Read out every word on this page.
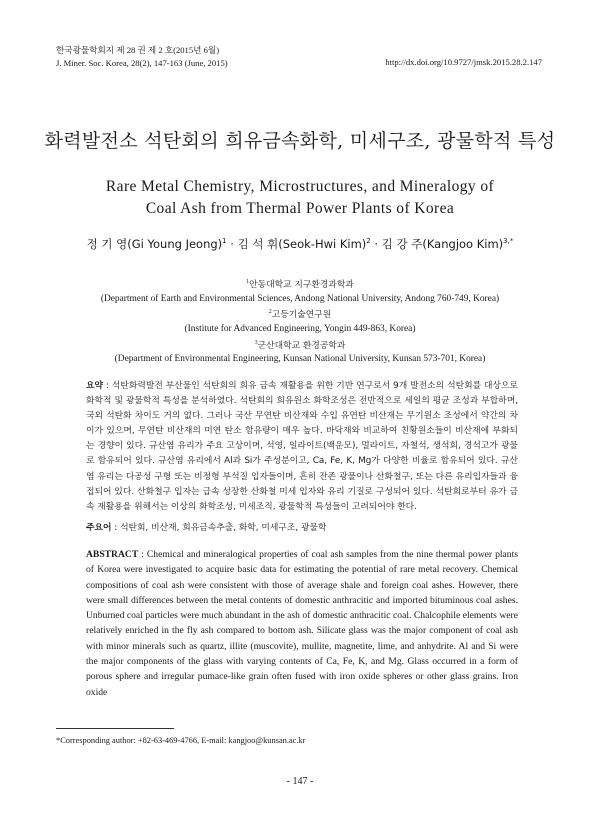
한국광물학회지 제 28 권 제 2 호(2015년 6월)
J. Miner. Soc. Korea, 28(2), 147-163 (June, 2015)	http://dx.doi.org/10.9727/jmsk.2015.28.2.147
화력발전소 석탄회의 희유금속화학, 미세구조, 광물학적 특성
Rare Metal Chemistry, Microstructures, and Mineralogy of
Coal Ash from Thermal Power Plants of Korea
정 기 영(Gi Young Jeong)$^1$ · 김 석 휘(Seok-Hwi Kim)$^2$ · 김 강 주(Kangjoo Kim)$^{3,*}$
$^1$안동대학교 지구환경과학과
(Department of Earth and Environmental Sciences, Andong National University, Andong 760-749, Korea)
$^2$고등기술연구원
(Institute for Advanced Engineering, Yongin 449-863, Korea)
$^3$군산대학교 환경공학과
(Department of Environmental Engineering, Kunsan National University, Kunsan 573-701, Korea)
요약 : 석탄화력발전 부산물인 석탄회의 희유 금속 재활용을 위한 기반 연구로서 9개 발전소의 석탄회를 대상으로 화학적 및 광물학적 특성을 분석하였다. 석탄회의 희유원소 화학조성은 전반적으로 세일의 평균 조성과 부합하며, 국외 석탄화 차이도 거의 없다. 그러나 국산 무연탄 비산재와 수입 유연탄 비산재는 무기원소 조성에서 약간의 차이가 있으며, 무연탄 비산재의 미연 탄소 함유량이 매우 높다. 바닥재와 비교하여 친황원소들이 비산재에 부화되는 경향이 있다. 규산염 유리가 주요 고상이며, 석영, 일라이트(백운모), 멀라이트, 자철석, 생석회, 경석고가 광물로 함유되어 있다. 규산염 유리에서 Al과 Si가 주성분이고, Ca, Fe, K, Mg가 다양한 비율로 함유되어 있다. 규산염 유리는 다공성 구형 또는 비정형 부석질 입자들이며, 흔히 잔존 광물이나 산화철구, 또는 다른 유리입자들과 융접되어 있다. 산화철구 입자는 급속 성장한 산화철 미세 입자와 유리 기질로 구성되어 있다. 석탄회로부터 유가 금속 재활용을 위해서는 이상의 화학조성, 미세조직, 광물학적 특성들이 고려되어야 한다.
주요어 : 석탄회, 비산재, 희유금속추출, 화학, 미세구조, 광물학
ABSTRACT : Chemical and mineralogical properties of coal ash samples from the nine thermal power plants of Korea were investigated to acquire basic data for estimating the potential of rare metal recovery. Chemical compositions of coal ash were consistent with those of average shale and foreign coal ashes. However, there were small differences between the metal contents of domestic anthracitic and imported bituminous coal ashes. Unburned coal particles were much abundant in the ash of domestic anthracitic coal. Chalcophile elements were relatively enriched in the fly ash compared to bottom ash. Silicate glass was the major component of coal ash with minor minerals such as quartz, illite (muscovite), mullite, magnetite, lime, and anhydrite. Al and Si were the major components of the glass with varying contents of Ca, Fe, K, and Mg. Glass occurred in a form of porous sphere and irregular pumace-like grain often fused with iron oxide spheres or other glass grains. Iron oxide
*Corresponding author: +82-63-469-4766, E-mail: kangjoo@kunsan.ac.kr
- 147 -
